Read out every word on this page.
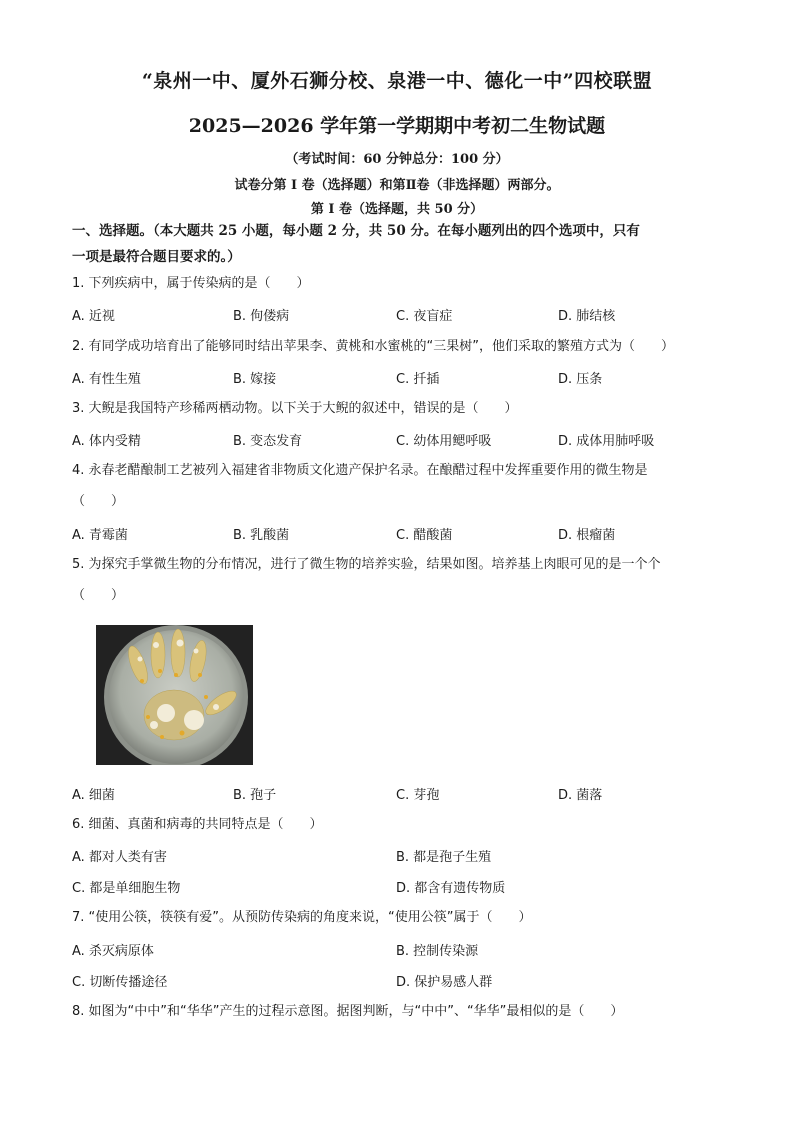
“泉州一中、厦外石狮分校、泉港一中、德化一中”四校联盟
2025—2026 学年第一学期期中考初二生物试题
（考试时间：60 分钟总分：100 分）
试卷分第 I 卷（选择题）和第Ⅱ卷（非选择题）两部分。
第 I 卷（选择题，共 50 分）
一、选择题。（本大题共 25 小题，每小题 2 分，共 50 分。在每小题列出的四个选项中，只有
一项是最符合题目要求的。）
1. 下列疾病中，属于传染病的是（　　）
A. 近视	B. 佝偻病	C. 夜盲症	D. 肺结核
2. 有同学成功培育出了能够同时结出苹果李、黄桃和水蜜桃的“三果树”，他们采取的繁殖方式为（　　）
A. 有性生殖	B. 嫁接	C. 扦插	D. 压条
3. 大鲵是我国特产珍稀两栖动物。以下关于大鲵的叙述中，错误的是（　　）
A. 体内受精	B. 变态发育	C. 幼体用鳃呼吸	D. 成体用肺呼吸
4. 永春老醋酿制工艺被列入福建省非物质文化遗产保护名录。在酿醋过程中发挥重要作用的微生物是
（　　）
A. 青霉菌	B. 乳酸菌	C. 醋酸菌	D. 根瘤菌
5. 为探究手掌微生物的分布情况，进行了微生物的培养实验，结果如图。培养基上肉眼可见的是一个个
（　　）
A. 细菌	B. 孢子	C. 芽孢	D. 菌落
6. 细菌、真菌和病毒的共同特点是（　　）
A. 都对人类有害	B. 都是孢子生殖
C. 都是单细胞生物	D. 都含有遗传物质
7. “使用公筷，筷筷有爱”。从预防传染病的角度来说，“使用公筷”属于（　　）
A. 杀灭病原体	B. 控制传染源
C. 切断传播途径	D. 保护易感人群
8. 如图为“中中”和“华华”产生的过程示意图。据图判断，与“中中”、“华华”最相似的是（　　）
